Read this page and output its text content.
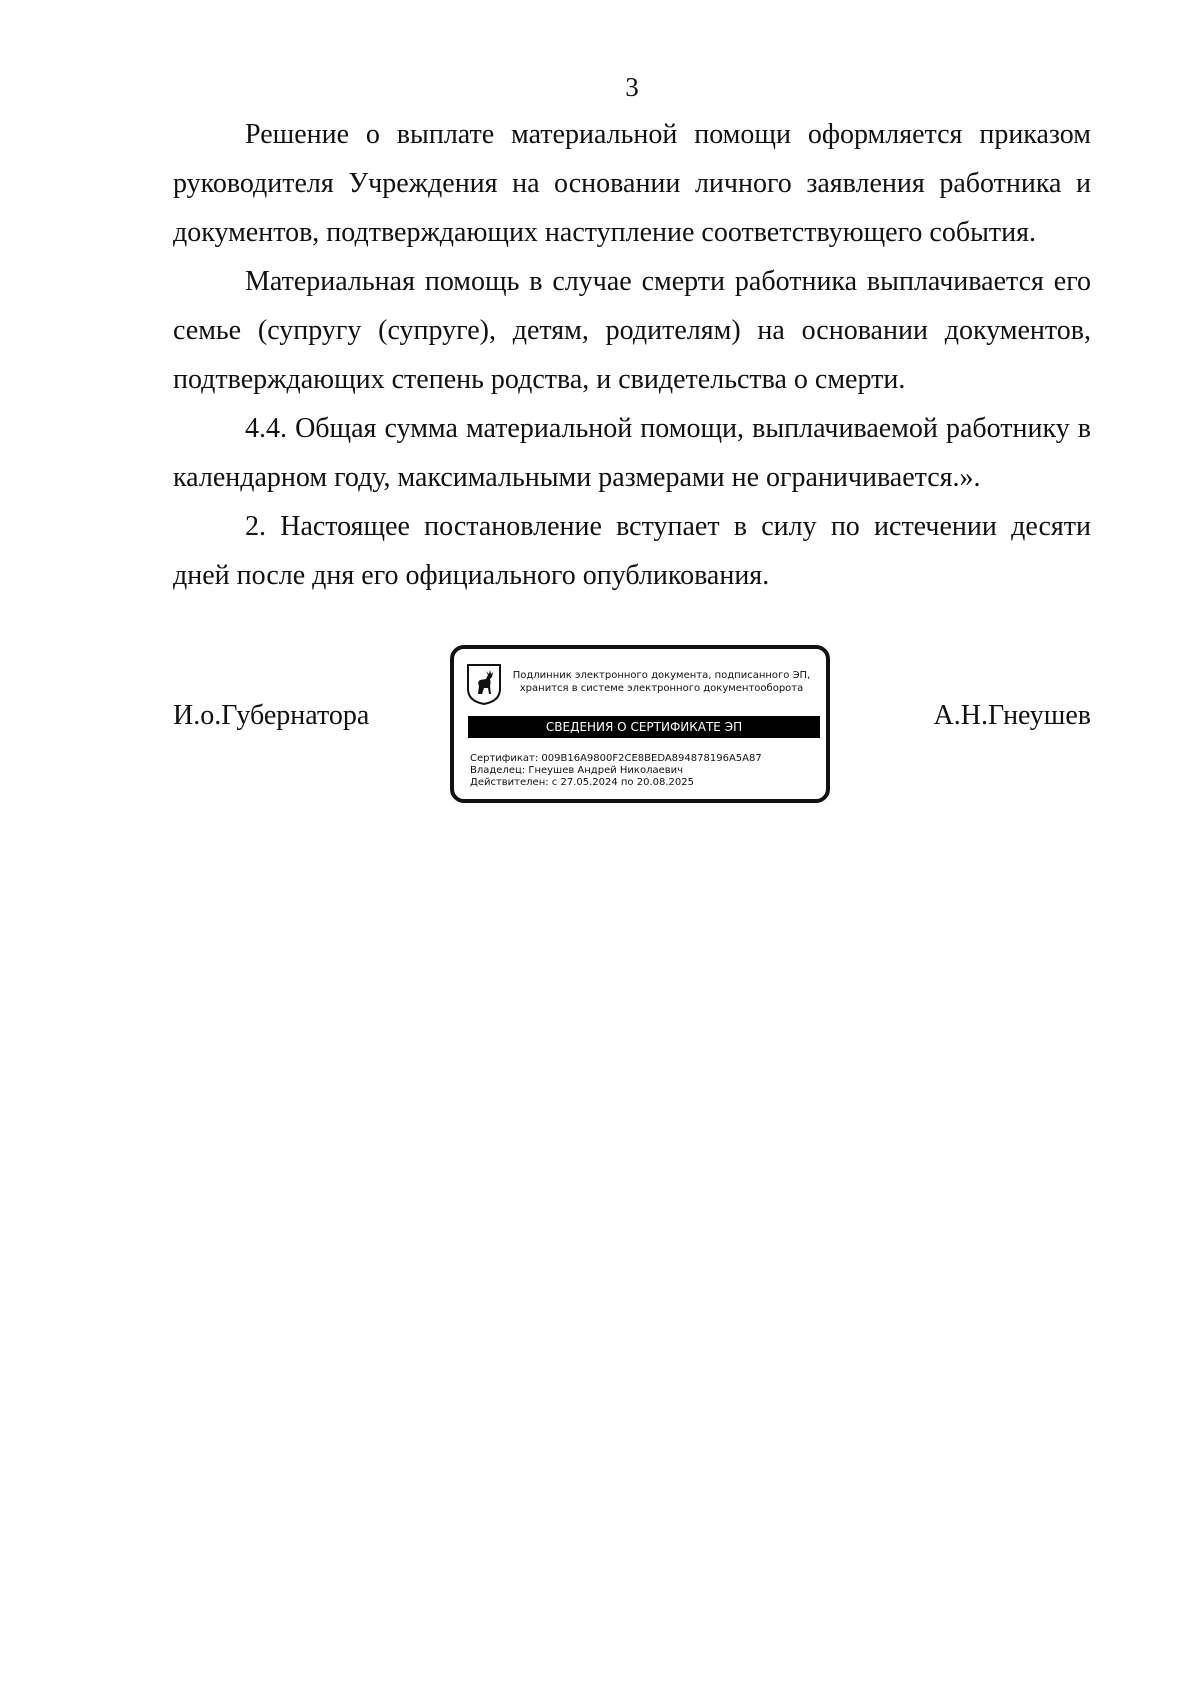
3

Решение о выплате материальной помощи оформляется приказом руководителя Учреждения на основании личного заявления работника и документов, подтверждающих наступление соответствующего события.

Материальная помощь в случае смерти работника выплачивается его семье (супругу (супруге), детям, родителям) на основании документов, подтверждающих степень родства, и свидетельства о смерти.

4.4. Общая сумма материальной помощи, выплачиваемой работнику в календарном году, максимальными размерами не ограничивается.».

2. Настоящее постановление вступает в силу по истечении десяти дней после дня его официального опубликования.

И.о.Губернатора
Подлинник электронного документа, подписанного ЭП,
хранится в системе электронного документооборота
СВЕДЕНИЯ О СЕРТИФИКАТЕ ЭП
Сертификат: 009B16A9800F2CE8BEDA894878196A5A87
Владелец: Гнеушев Андрей Николаевич
Действителен: с 27.05.2024 по 20.08.2025
А.Н.Гнеушев
